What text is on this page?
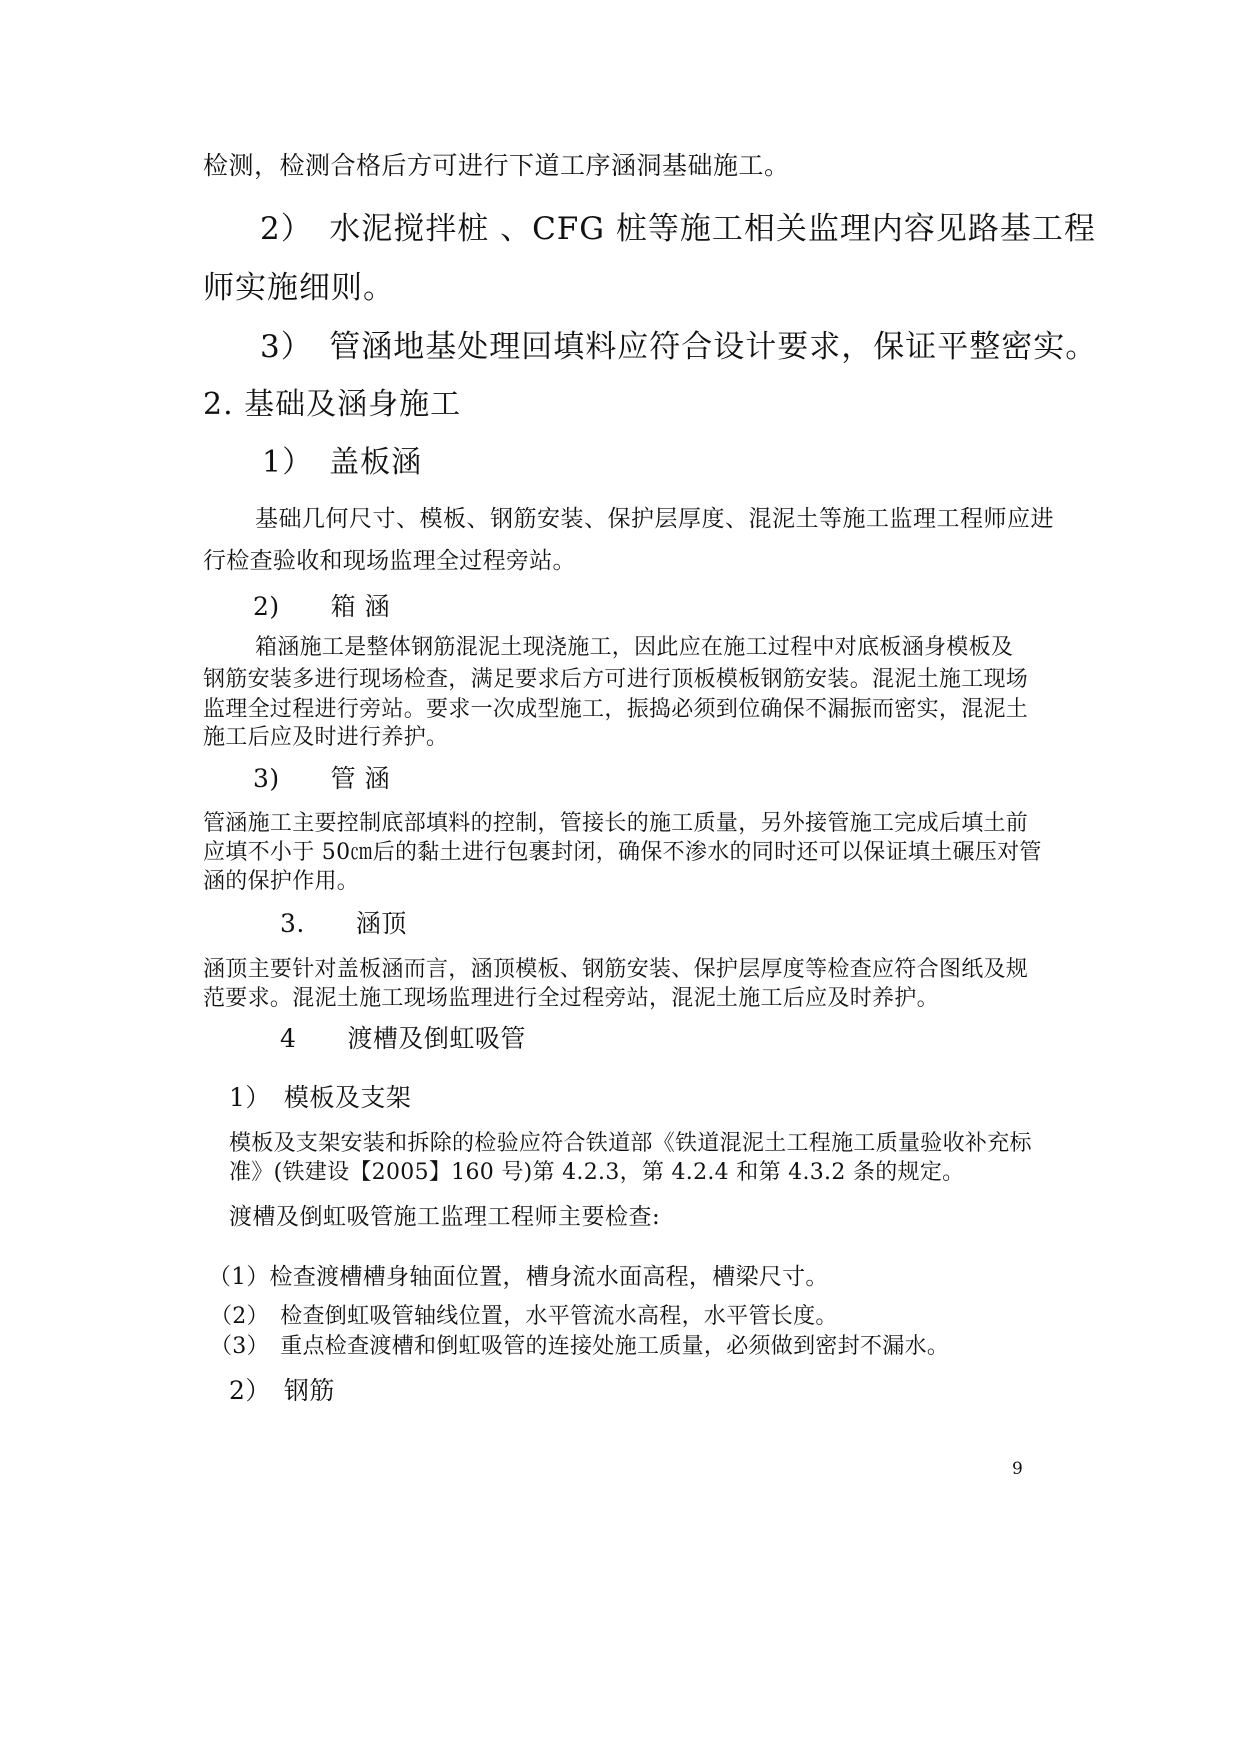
检测，检测合格后方可进行下道工序涵洞基础施工。
2）　水泥搅拌桩 、CFG 桩等施工相关监理内容见路基工程
师实施细则。
3）　管涵地基处理回填料应符合设计要求，保证平整密实。
2. 基础及涵身施工
1）　盖板涵
基础几何尺寸、模板、钢筋安装、保护层厚度、混泥土等施工监理工程师应进
行检查验收和现场监理全过程旁站。
2)　　箱 涵
箱涵施工是整体钢筋混泥土现浇施工，因此应在施工过程中对底板涵身模板及
钢筋安装多进行现场检查，满足要求后方可进行顶板模板钢筋安装。混泥土施工现场
监理全过程进行旁站。要求一次成型施工，振捣必须到位确保不漏振而密实，混泥土
施工后应及时进行养护。
3)　　管 涵
管涵施工主要控制底部填料的控制，管接长的施工质量，另外接管施工完成后填土前
应填不小于 50㎝后的黏土进行包裹封闭，确保不渗水的同时还可以保证填土碾压对管
涵的保护作用。
3.　　涵顶
涵顶主要针对盖板涵而言，涵顶模板、钢筋安装、保护层厚度等检查应符合图纸及规
范要求。混泥土施工现场监理进行全过程旁站，混泥土施工后应及时养护。
4　　渡槽及倒虹吸管
1）　模板及支架
模板及支架安装和拆除的检验应符合铁道部《铁道混泥土工程施工质量验收补充标
准》(铁建设【2005】160 号)第 4.2.3，第 4.2.4 和第 4.3.2 条的规定。
渡槽及倒虹吸管施工监理工程师主要检查:
（1）检查渡槽槽身轴面位置，槽身流水面高程，槽梁尺寸。
（2）　检查倒虹吸管轴线位置，水平管流水高程，水平管长度。
（3）　重点检查渡槽和倒虹吸管的连接处施工质量，必须做到密封不漏水。
2）　钢筋
9
